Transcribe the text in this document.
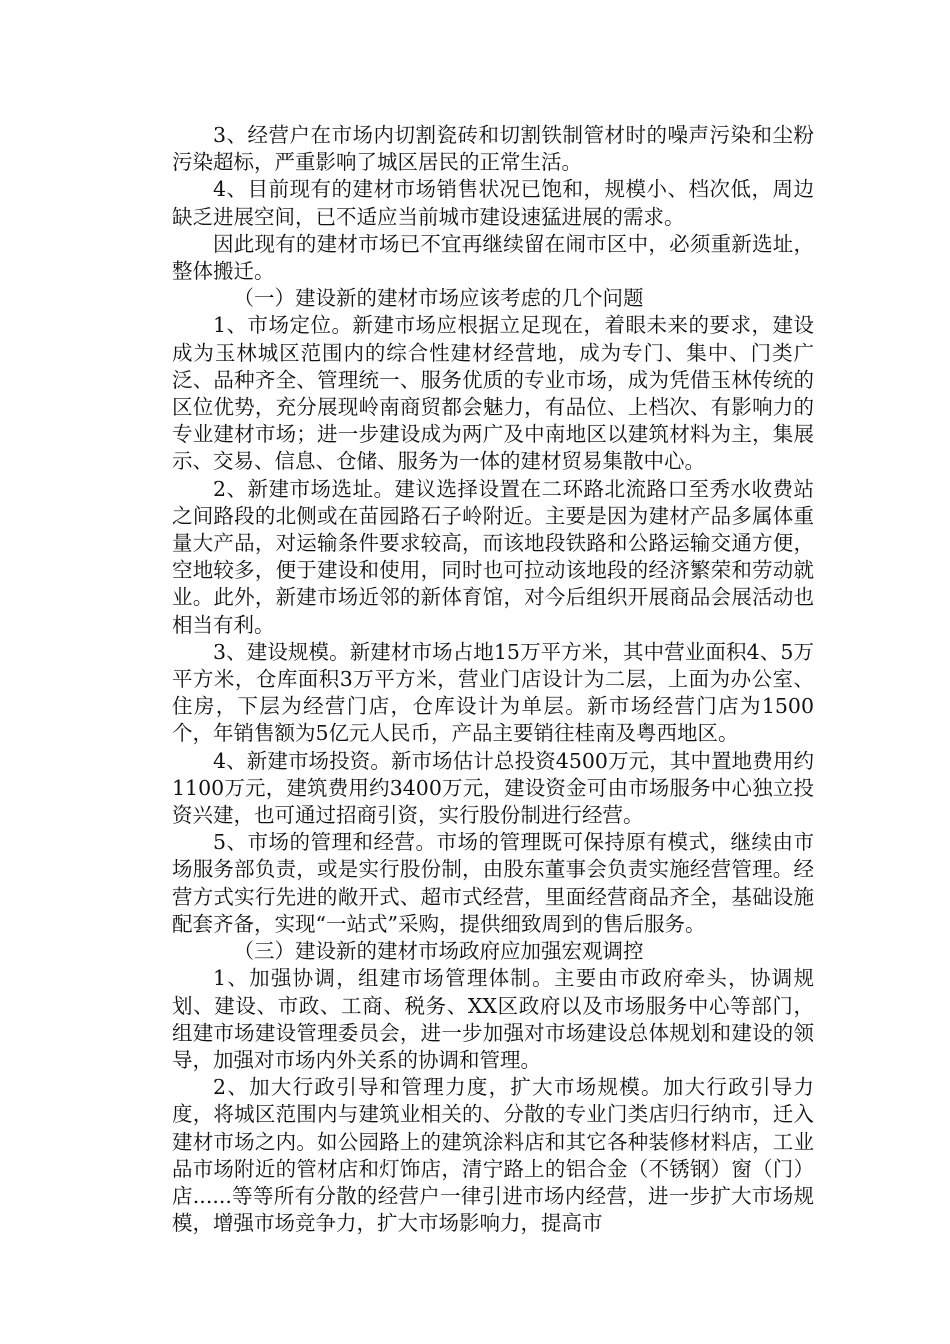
3、经营户在市场内切割瓷砖和切割铁制管材时的噪声污染和尘粉污染超标，严重影响了城区居民的正常生活。

4、目前现有的建材市场销售状况已饱和，规模小、档次低，周边缺乏进展空间，已不适应当前城市建设速猛进展的需求。

因此现有的建材市场已不宜再继续留在闹市区中，必须重新选址，整体搬迁。

（一）建设新的建材市场应该考虑的几个问题

1、市场定位。新建市场应根据立足现在，着眼未来的要求，建设成为玉林城区范围内的综合性建材经营地，成为专门、集中、门类广泛、品种齐全、管理统一、服务优质的专业市场，成为凭借玉林传统的区位优势，充分展现岭南商贸都会魅力，有品位、上档次、有影响力的专业建材市场；进一步建设成为两广及中南地区以建筑材料为主，集展示、交易、信息、仓储、服务为一体的建材贸易集散中心。

2、新建市场选址。建议选择设置在二环路北流路口至秀水收费站之间路段的北侧或在苗园路石子岭附近。主要是因为建材产品多属体重量大产品，对运输条件要求较高，而该地段铁路和公路运输交通方便，空地较多，便于建设和使用，同时也可拉动该地段的经济繁荣和劳动就业。此外，新建市场近邻的新体育馆，对今后组织开展商品会展活动也相当有利。

3、建设规模。新建材市场占地15万平方米，其中营业面积4、5万平方米，仓库面积3万平方米，营业门店设计为二层，上面为办公室、住房，下层为经营门店，仓库设计为单层。新市场经营门店为1500个，年销售额为5亿元人民币，产品主要销往桂南及粤西地区。

4、新建市场投资。新市场估计总投资4500万元，其中置地费用约1100万元，建筑费用约3400万元，建设资金可由市场服务中心独立投资兴建，也可通过招商引资，实行股份制进行经营。

5、市场的管理和经营。市场的管理既可保持原有模式，继续由市场服务部负责，或是实行股份制，由股东董事会负责实施经营管理。经营方式实行先进的敞开式、超市式经营，里面经营商品齐全，基础设施配套齐备，实现“一站式”采购，提供细致周到的售后服务。

（三）建设新的建材市场政府应加强宏观调控

1、加强协调，组建市场管理体制。主要由市政府牵头，协调规划、建设、市政、工商、税务、XX区政府以及市场服务中心等部门，组建市场建设管理委员会，进一步加强对市场建设总体规划和建设的领导，加强对市场内外关系的协调和管理。

2、加大行政引导和管理力度，扩大市场规模。加大行政引导力度，将城区范围内与建筑业相关的、分散的专业门类店归行纳市，迁入建材市场之内。如公园路上的建筑涂料店和其它各种装修材料店，工业品市场附近的管材店和灯饰店，清宁路上的铝合金（不锈钢）窗（门）店......等等所有分散的经营户一律引进市场内经营，进一步扩大市场规模，增强市场竞争力，扩大市场影响力，提高市
